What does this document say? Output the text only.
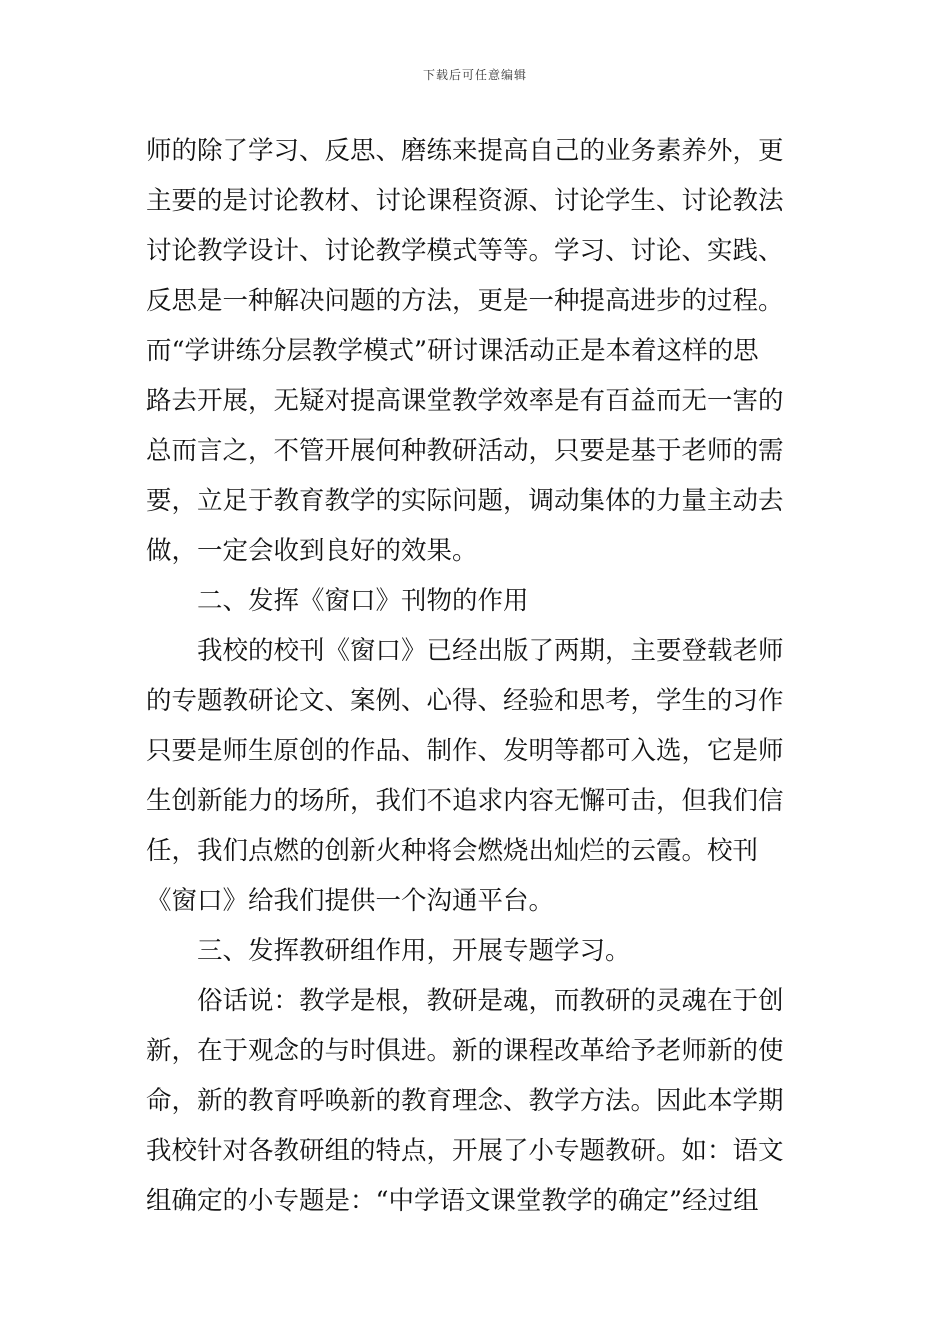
下载后可任意编辑
师的除了学习、反思、磨练来提高自己的业务素养外，更
主要的是讨论教材、讨论课程资源、讨论学生、讨论教法
讨论教学设计、讨论教学模式等等。学习、讨论、实践、
反思是一种解决问题的方法，更是一种提高进步的过程。
而“学讲练分层教学模式”研讨课活动正是本着这样的思
路去开展，无疑对提高课堂教学效率是有百益而无一害的
总而言之，不管开展何种教研活动，只要是基于老师的需
要，立足于教育教学的实际问题，调动集体的力量主动去
做，一定会收到良好的效果。
二、发挥《窗口》刊物的作用
我校的校刊《窗口》已经出版了两期，主要登载老师
的专题教研论文、案例、心得、经验和思考，学生的习作
只要是师生原创的作品、制作、发明等都可入选，它是师
生创新能力的场所，我们不追求内容无懈可击，但我们信
任，我们点燃的创新火种将会燃烧出灿烂的云霞。校刊
《窗口》给我们提供一个沟通平台。
三、发挥教研组作用，开展专题学习。
俗话说：教学是根，教研是魂，而教研的灵魂在于创
新，在于观念的与时俱进。新的课程改革给予老师新的使
命，新的教育呼唤新的教育理念、教学方法。因此本学期
我校针对各教研组的特点，开展了小专题教研。如：语文
组确定的小专题是：“中学语文课堂教学的确定”经过组
